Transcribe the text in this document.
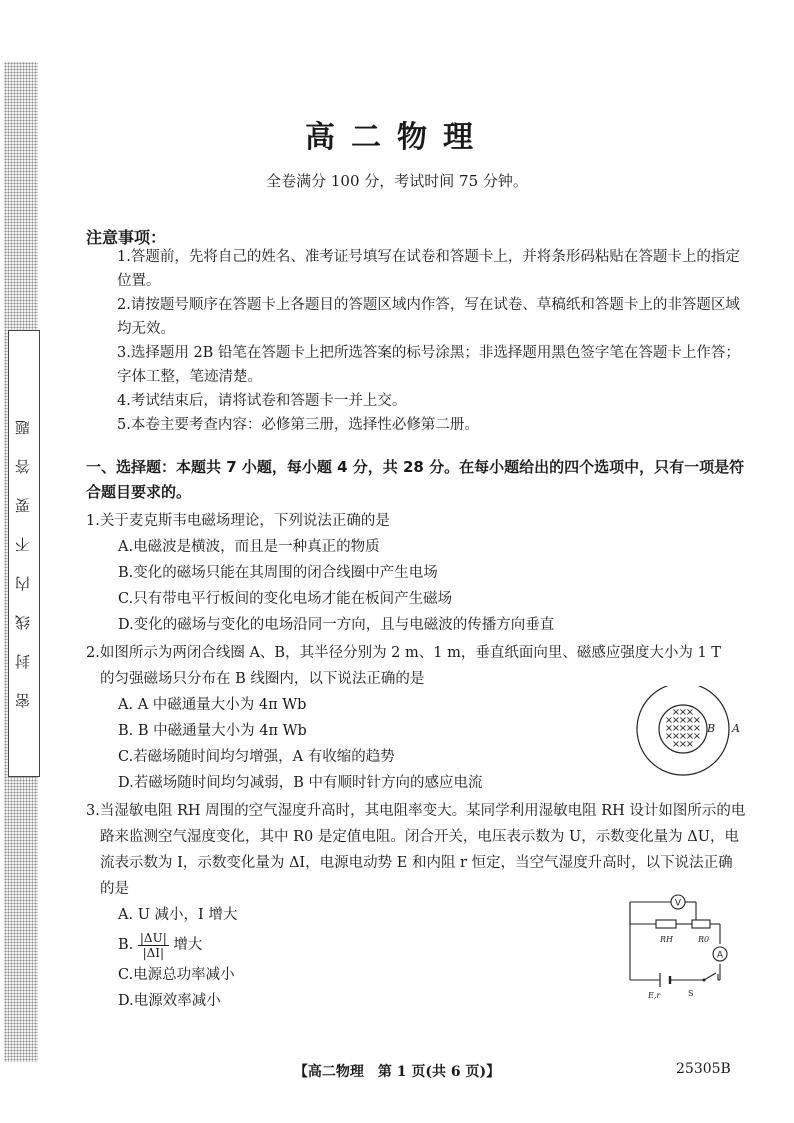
密封线内不要答题
高二物理
全卷满分 100 分，考试时间 75 分钟。
注意事项：

1.答题前，先将自己的姓名、准考证号填写在试卷和答题卡上，并将条形码粘贴在答题卡上的指定位置。

2.请按题号顺序在答题卡上各题目的答题区域内作答，写在试卷、草稿纸和答题卡上的非答题区域均无效。

3.选择题用 2B 铅笔在答题卡上把所选答案的标号涂黑；非选择题用黑色签字笔在答题卡上作答；字体工整，笔迹清楚。

4.考试结束后，请将试卷和答题卡一并上交。

5.本卷主要考查内容：必修第三册，选择性必修第二册。

一、选择题：本题共 7 小题，每小题 4 分，共 28 分。在每小题给出的四个选项中，只有一项是符合题目要求的。
1.关于麦克斯韦电磁场理论，下列说法正确的是
A.电磁波是横波，而且是一种真正的物质
B.变化的磁场只能在其周围的闭合线圈中产生电场
C.只有带电平行板间的变化电场才能在板间产生磁场
D.变化的磁场与变化的电场沿同一方向，且与电磁波的传播方向垂直
2.如图所示为两闭合线圈 A、B，其半径分别为 2 m、1 m，垂直纸面向里、磁感应强度大小为 1 T 的匀强磁场只分布在 B 线圈内，以下说法正确的是
A. A 中磁通量大小为 4π Wb
B. B 中磁通量大小为 4π Wb
C.若磁场随时间均匀增强，A 有收缩的趋势
D.若磁场随时间均匀减弱，B 中有顺时针方向的感应电流
×
×
×
×
×
×
×
×
×
×
×
×
×
×
×
×
×
×
×
×
×
B A
3.当湿敏电阻 RH 周围的空气湿度升高时，其电阻率变大。某同学利用湿敏电阻 RH 设计如图所示的电路来监测空气湿度变化，其中 R0 是定值电阻。闭合开关，电压表示数为 U，示数变化量为 ΔU，电流表示数为 I，示数变化量为 ΔI，电源电动势 E 和内阻 r 恒定，当空气湿度升高时，以下说法正确的是
A. U 减小，I 增大
B. $\frac{|\Delta U|}{|\Delta I|}$ 增大
C.电源总功率减小
D.电源效率减小
V
RH	R0
A
E,r	S
【高二物理　第 1 页(共 6 页)】	25305B
